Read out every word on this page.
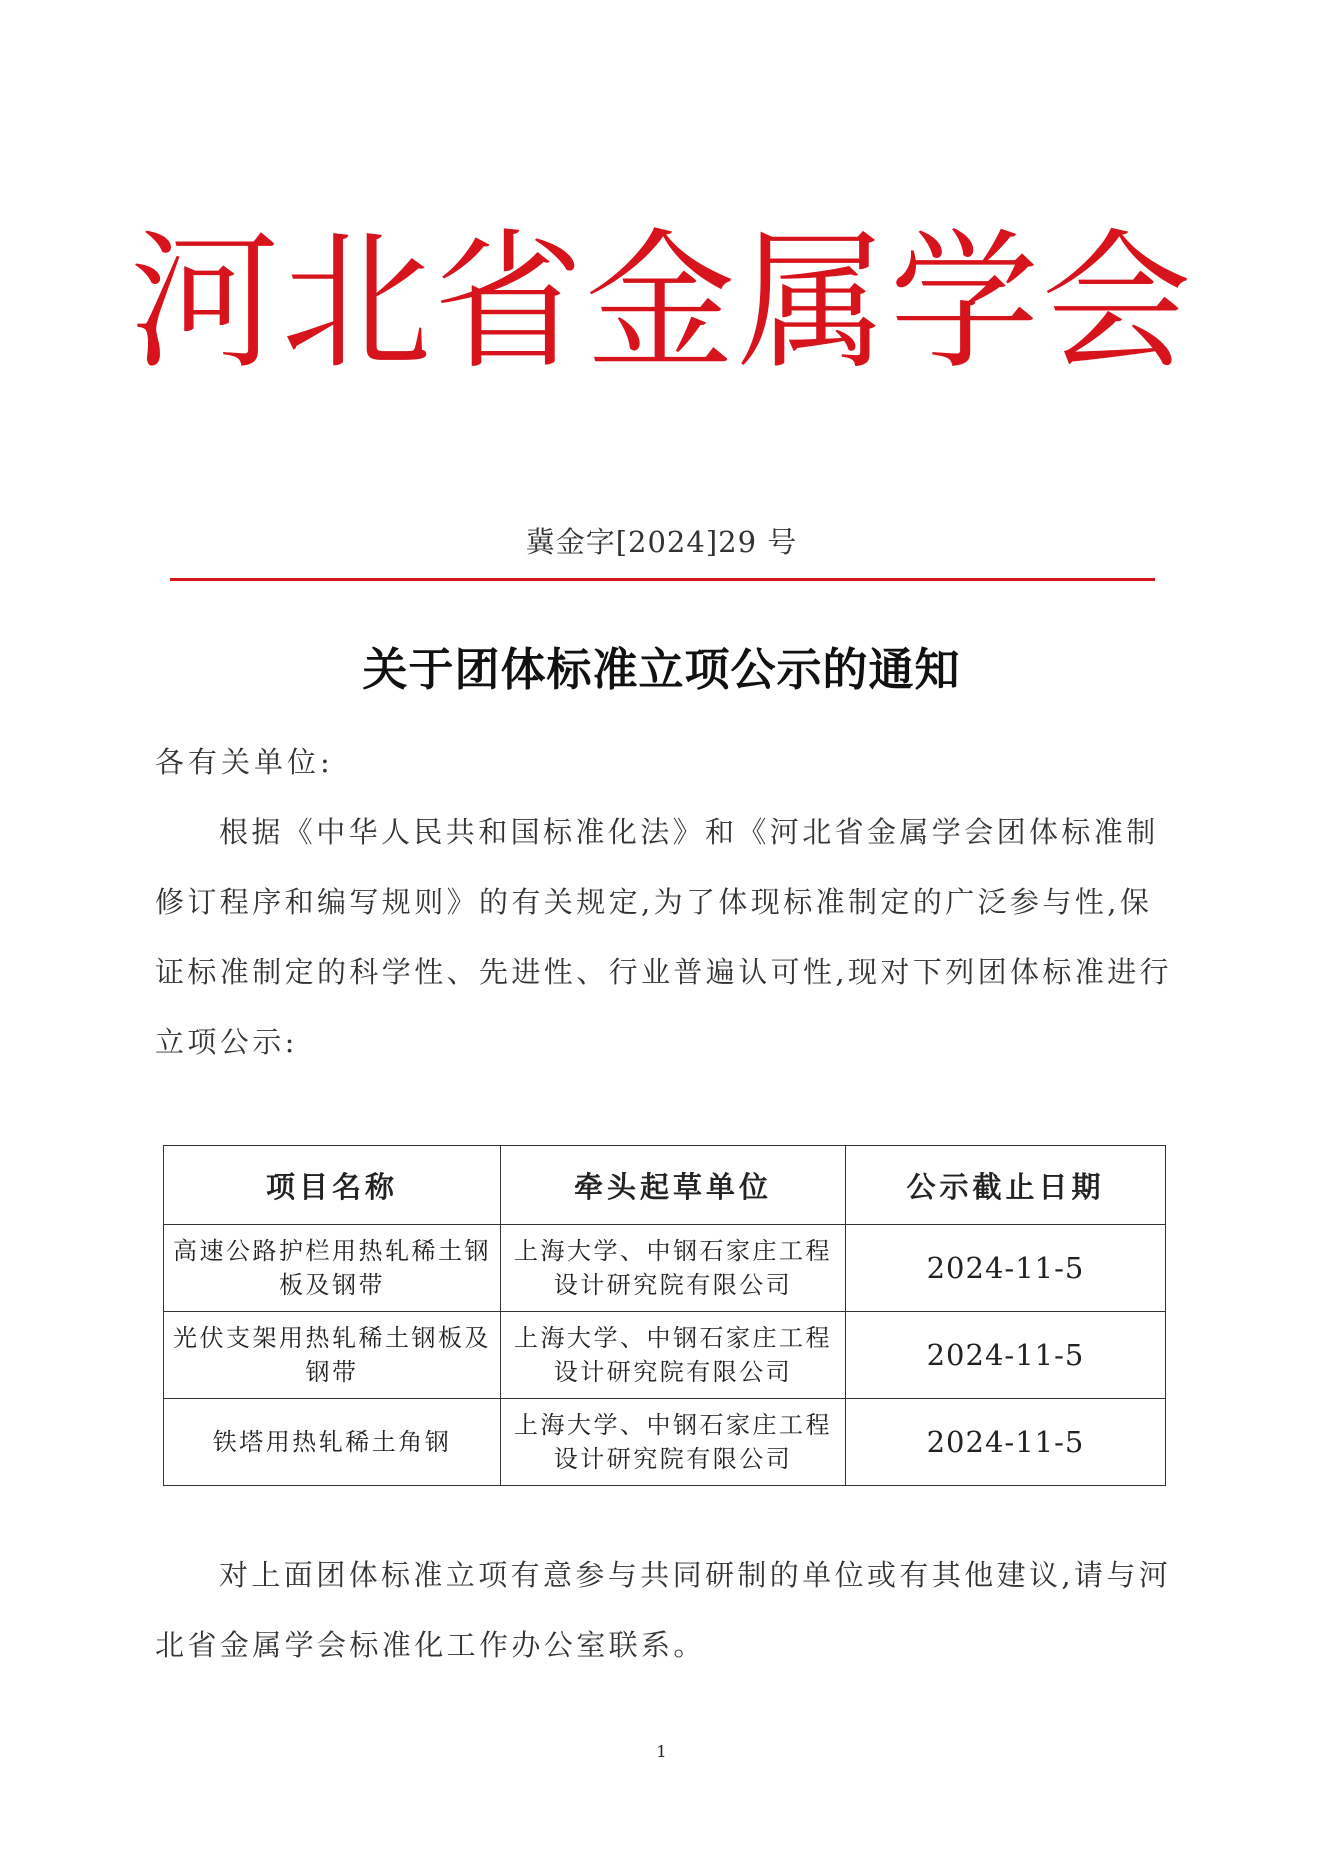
河北省金属学会
冀金字[2024]29 号
关于团体标准立项公示的通知
各有关单位:

根据《中华人民共和国标准化法》和《河北省金属学会团体标准制修订程序和编写规则》的有关规定,为了体现标准制定的广泛参与性,保证标准制定的科学性、先进性、行业普遍认可性,现对下列团体标准进行立项公示:

项目名称	牵头起草单位	公示截止日期
高速公路护栏用热轧稀土钢板及钢带	上海大学、中钢石家庄工程设计研究院有限公司	2024-11-5
光伏支架用热轧稀土钢板及钢带	上海大学、中钢石家庄工程设计研究院有限公司	2024-11-5
铁塔用热轧稀土角钢	上海大学、中钢石家庄工程设计研究院有限公司	2024-11-5

对上面团体标准立项有意参与共同研制的单位或有其他建议,请与河北省金属学会标准化工作办公室联系。

1
